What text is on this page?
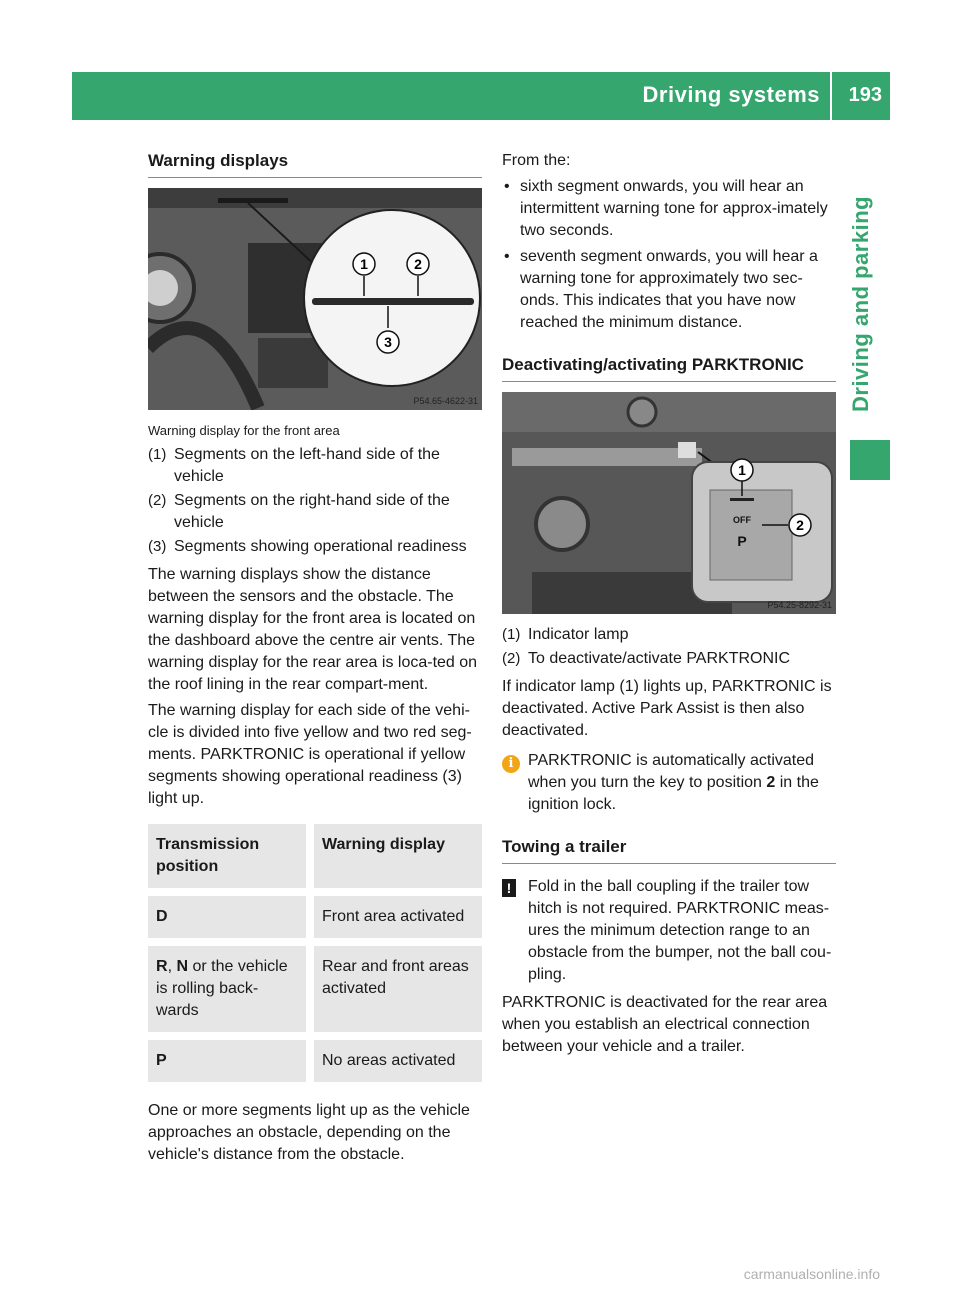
Driving systems 193
Driving and parking
Warning displays
1	2
3
P54.65-4622-31

Warning display for the front area

(1) Segments on the left-hand side of the vehicle
(2) Segments on the right-hand side of the vehicle
(3) Segments showing operational readiness

The warning displays show the distance between the sensors and the obstacle. The warning display for the front area is located on the dashboard above the centre air vents. The warning display for the rear area is loca-ted on the roof lining in the rear compart-ment.

The warning display for each side of the vehi-cle is divided into five yellow and two red seg-ments. PARKTRONIC is operational if yellow segments showing operational readiness (3) light up.

Transmission position	Warning display
D	Front area activated
R, N or the vehicle is rolling back-wards	Rear and front areas activated
P	No areas activated

One or more segments light up as the vehicle approaches an obstacle, depending on the vehicle's distance from the obstacle.

From the:

• sixth segment onwards, you will hear an intermittent warning tone for approx-imately two seconds.
• seventh segment onwards, you will hear a warning tone for approximately two sec-onds. This indicates that you have now reached the minimum distance.
Deactivating/activating PARKTRONIC
OFF
P
1
2
P54.25-8292-31
(1) Indicator lamp
(2) To deactivate/activate PARKTRONIC

If indicator lamp (1) lights up, PARKTRONIC is deactivated. Active Park Assist is then also deactivated.

i PARKTRONIC is automatically activated when you turn the key to position 2 in the ignition lock.
Towing a trailer
!	Fold in the ball coupling if the trailer tow hitch is not required. PARKTRONIC meas-ures the minimum detection range to an obstacle from the bumper, not the ball cou-pling.

PARKTRONIC is deactivated for the rear area when you establish an electrical connection between your vehicle and a trailer.

carmanualsonline.info
